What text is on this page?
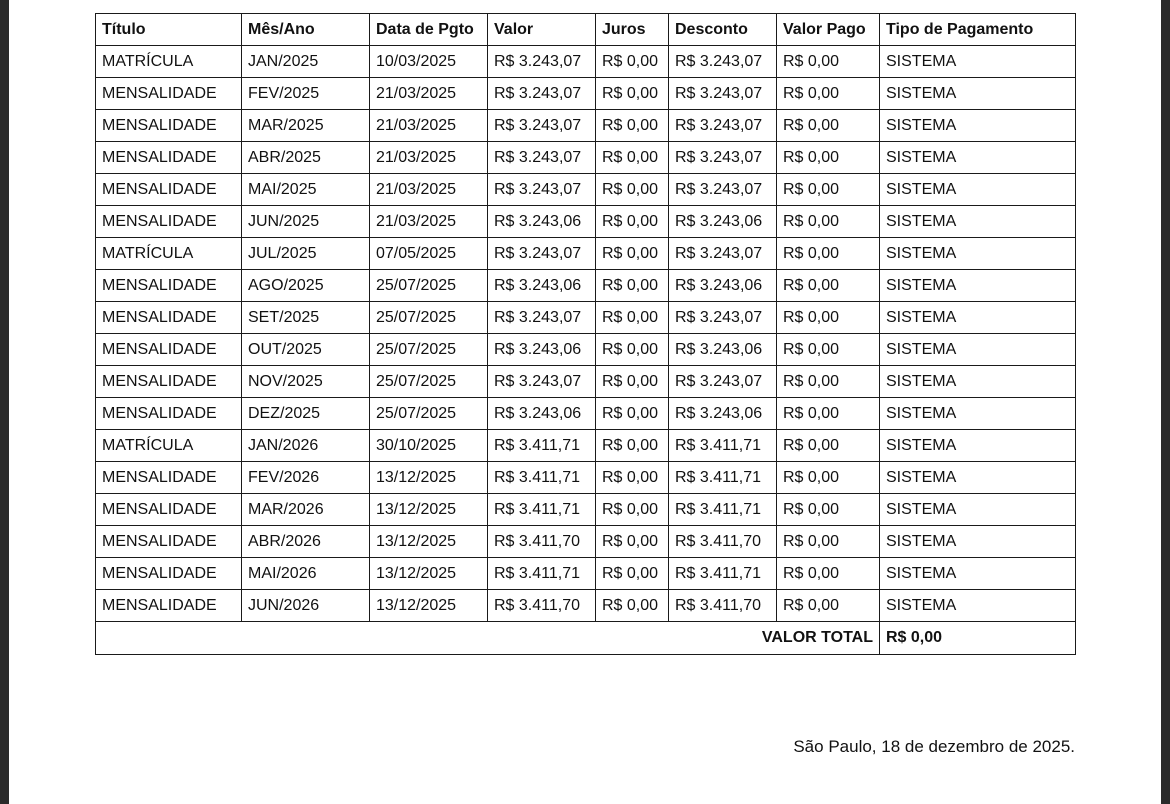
Título	Mês/Ano	Data de Pgto	Valor	Juros	Desconto	Valor Pago	Tipo de Pagamento
MATRÍCULA	JAN/2025	10/03/2025	R$ 3.243,07	R$ 0,00	R$ 3.243,07	R$ 0,00	SISTEMA
MENSALIDADE	FEV/2025	21/03/2025	R$ 3.243,07	R$ 0,00	R$ 3.243,07	R$ 0,00	SISTEMA
MENSALIDADE	MAR/2025	21/03/2025	R$ 3.243,07	R$ 0,00	R$ 3.243,07	R$ 0,00	SISTEMA
MENSALIDADE	ABR/2025	21/03/2025	R$ 3.243,07	R$ 0,00	R$ 3.243,07	R$ 0,00	SISTEMA
MENSALIDADE	MAI/2025	21/03/2025	R$ 3.243,07	R$ 0,00	R$ 3.243,07	R$ 0,00	SISTEMA
MENSALIDADE	JUN/2025	21/03/2025	R$ 3.243,06	R$ 0,00	R$ 3.243,06	R$ 0,00	SISTEMA
MATRÍCULA	JUL/2025	07/05/2025	R$ 3.243,07	R$ 0,00	R$ 3.243,07	R$ 0,00	SISTEMA
MENSALIDADE	AGO/2025	25/07/2025	R$ 3.243,06	R$ 0,00	R$ 3.243,06	R$ 0,00	SISTEMA
MENSALIDADE	SET/2025	25/07/2025	R$ 3.243,07	R$ 0,00	R$ 3.243,07	R$ 0,00	SISTEMA
MENSALIDADE	OUT/2025	25/07/2025	R$ 3.243,06	R$ 0,00	R$ 3.243,06	R$ 0,00	SISTEMA
MENSALIDADE	NOV/2025	25/07/2025	R$ 3.243,07	R$ 0,00	R$ 3.243,07	R$ 0,00	SISTEMA
MENSALIDADE	DEZ/2025	25/07/2025	R$ 3.243,06	R$ 0,00	R$ 3.243,06	R$ 0,00	SISTEMA
MATRÍCULA	JAN/2026	30/10/2025	R$ 3.411,71	R$ 0,00	R$ 3.411,71	R$ 0,00	SISTEMA
MENSALIDADE	FEV/2026	13/12/2025	R$ 3.411,71	R$ 0,00	R$ 3.411,71	R$ 0,00	SISTEMA
MENSALIDADE	MAR/2026	13/12/2025	R$ 3.411,71	R$ 0,00	R$ 3.411,71	R$ 0,00	SISTEMA
MENSALIDADE	ABR/2026	13/12/2025	R$ 3.411,70	R$ 0,00	R$ 3.411,70	R$ 0,00	SISTEMA
MENSALIDADE	MAI/2026	13/12/2025	R$ 3.411,71	R$ 0,00	R$ 3.411,71	R$ 0,00	SISTEMA
MENSALIDADE	JUN/2026	13/12/2025	R$ 3.411,70	R$ 0,00	R$ 3.411,70	R$ 0,00	SISTEMA
VALOR TOTAL							R$ 0,00
São Paulo, 18 de dezembro de 2025.
